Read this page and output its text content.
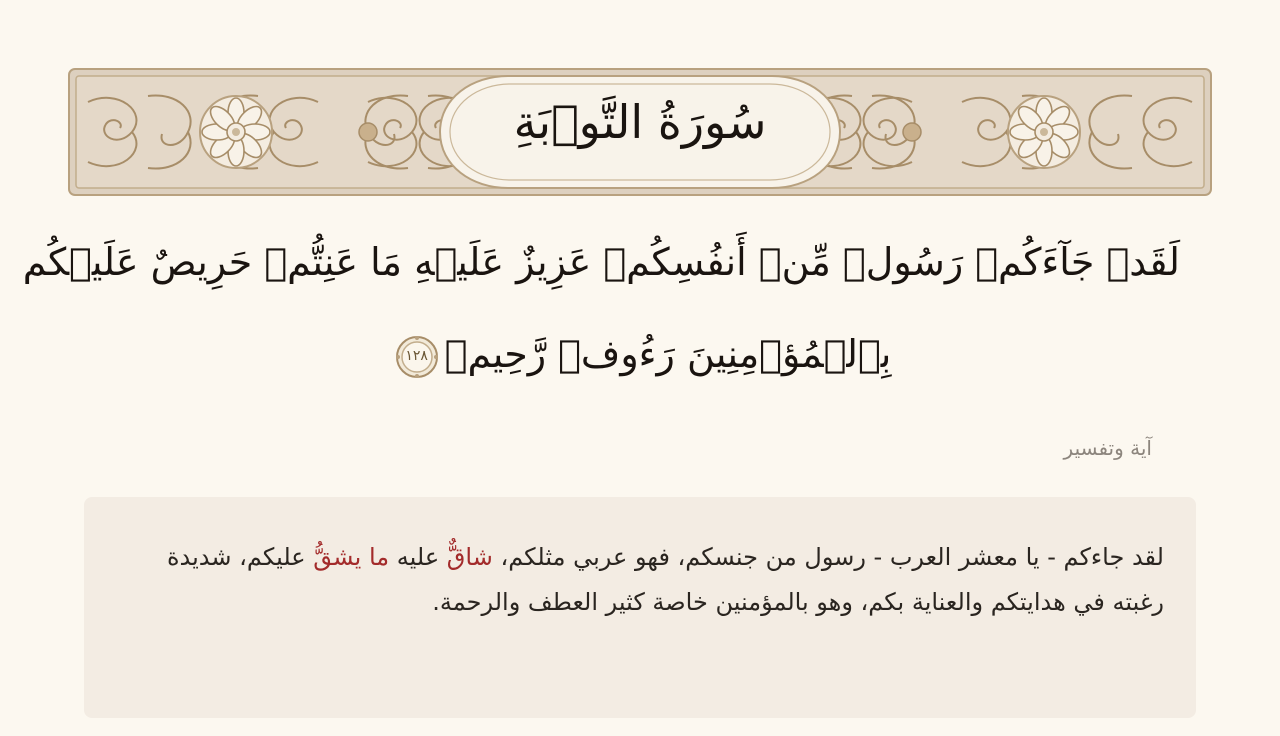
سُورَةُ التَّوۡبَةِ
لَقَدۡ جَآءَكُمۡ رَسُولٞ مِّنۡ أَنفُسِكُمۡ عَزِيزٌ عَلَيۡهِ مَا عَنِتُّمۡ حَرِيصٌ عَلَيۡكُم
بِٱلۡمُؤۡمِنِينَ رَءُوفٞ رَّحِيمٞ
١٢٨
آية وتفسير
لقد جاءكم - يا معشر العرب - رسول من جنسكم، فهو عربي مثلكم، شاقٌّ عليه ما يشقُّ عليكم، شديدة رغبته في هدايتكم والعناية بكم، وهو بالمؤمنين خاصة كثير العطف والرحمة.
